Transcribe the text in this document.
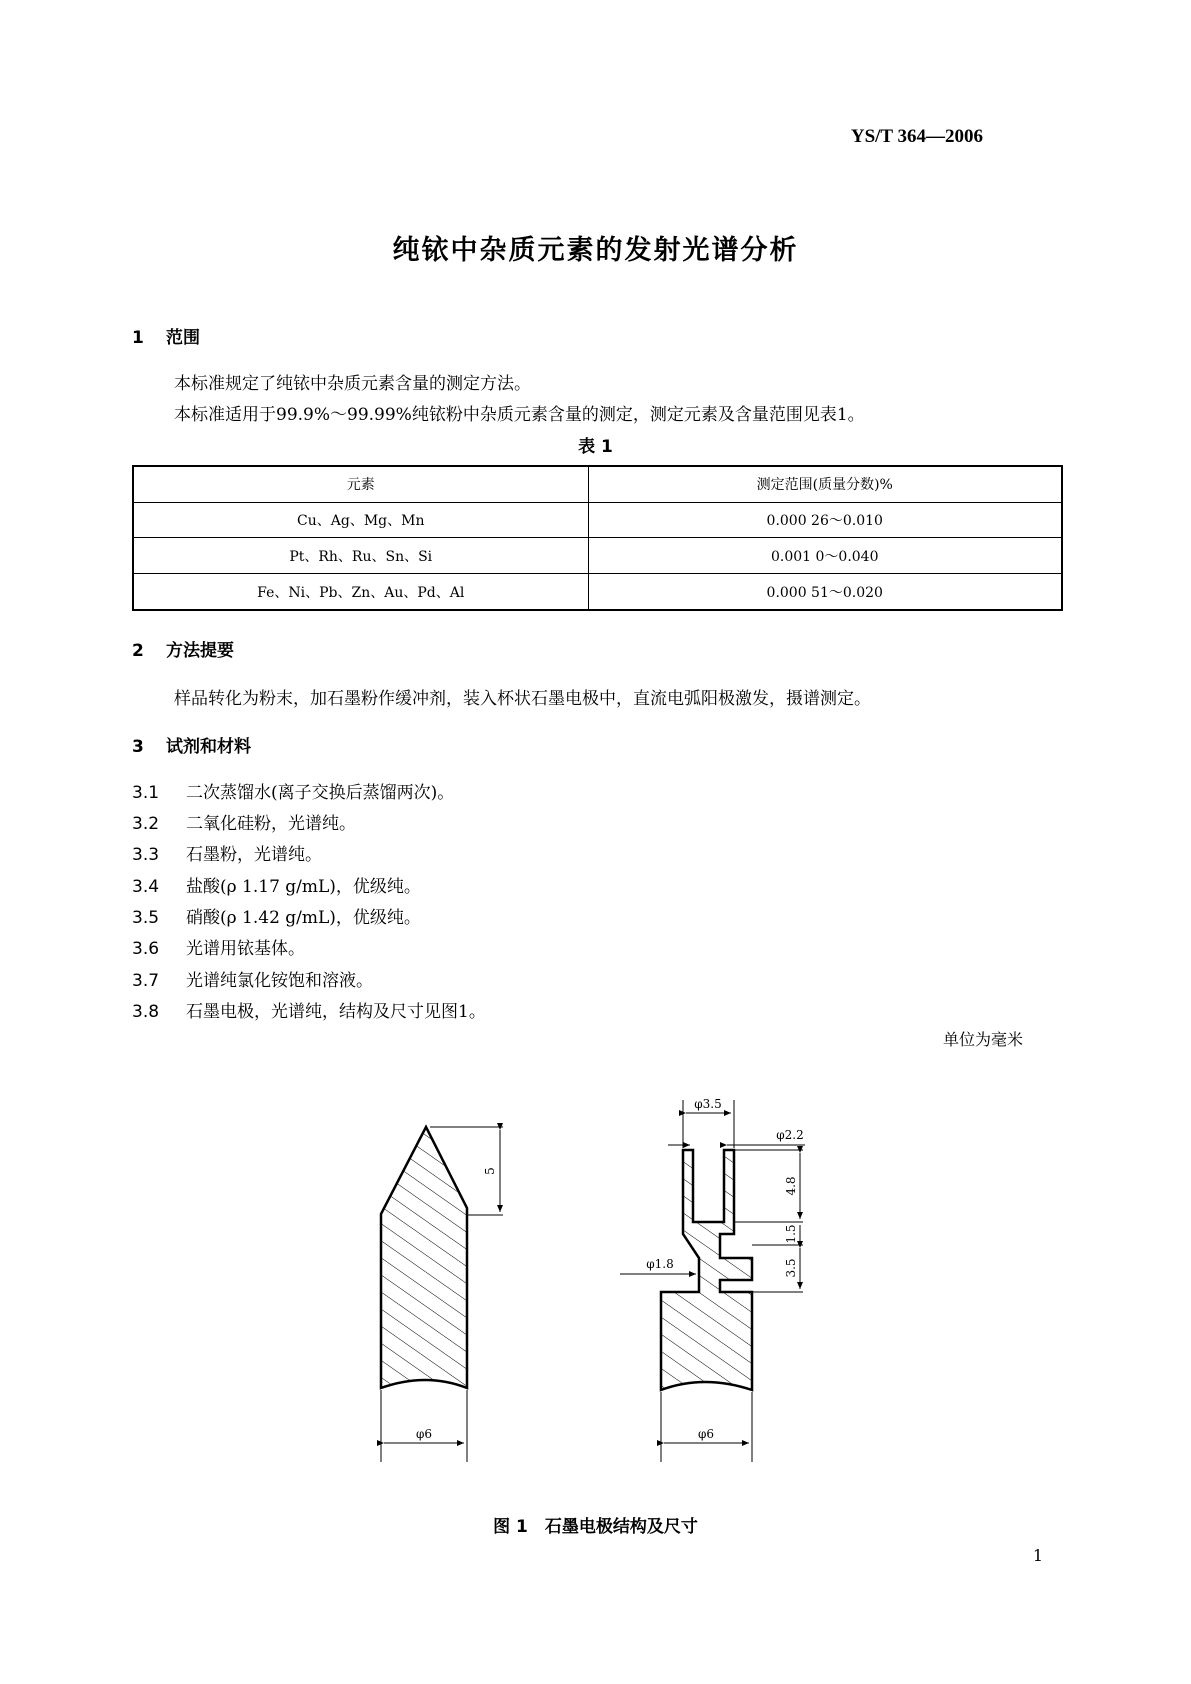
YS/T 364—2006
纯铱中杂质元素的发射光谱分析
1 范围
本标准规定了纯铱中杂质元素含量的测定方法。
本标准适用于99.9%～99.99%纯铱粉中杂质元素含量的测定，测定元素及含量范围见表1。
表 1
元素	测定范围(质量分数)%
Cu、Ag、Mg、Mn	0.000 26～0.010
Pt、Rh、Ru、Sn、Si	0.001 0～0.040
Fe、Ni、Pb、Zn、Au、Pd、Al	0.000 51～0.020
2 方法提要
样品转化为粉末，加石墨粉作缓冲剂，装入杯状石墨电极中，直流电弧阳极激发，摄谱测定。
3 试剂和材料
3.1 二次蒸馏水(离子交换后蒸馏两次)。
3.2 二氧化硅粉，光谱纯。
3.3 石墨粉，光谱纯。
3.4 盐酸(ρ 1.17 g/mL)，优级纯。
3.5 硝酸(ρ 1.42 g/mL)，优级纯。
3.6 光谱用铱基体。
3.7 光谱纯氯化铵饱和溶液。
3.8 石墨电极，光谱纯，结构及尺寸见图1。
单位为毫米
5
φ6
φ3.5
φ2.2
φ1.8
4.8
1.5
3.5
φ6
图 1　石墨电极结构及尺寸
1
